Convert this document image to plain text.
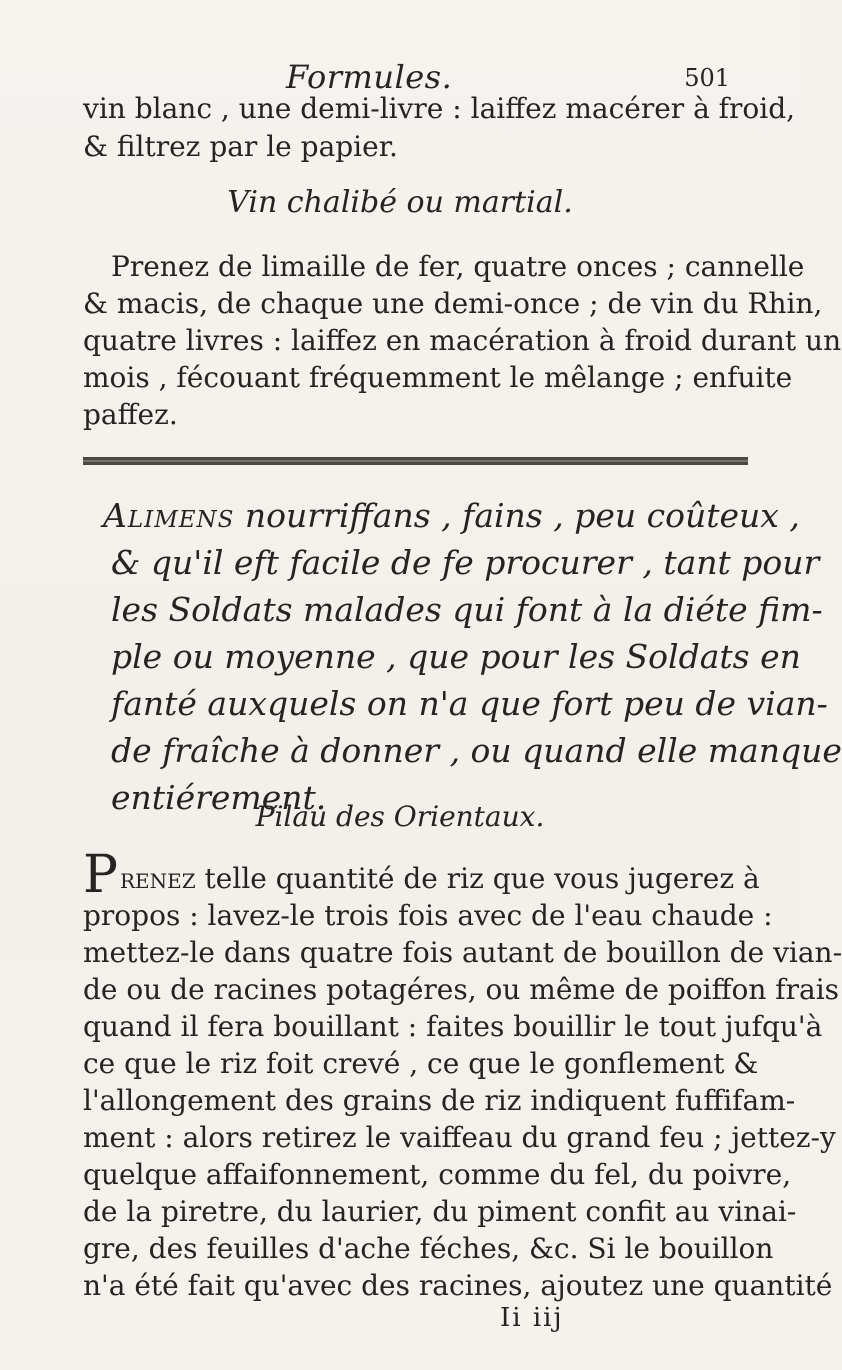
Formules.	501
vin blanc , une demi-livre : laiffez macérer à froid,
& filtrez par le papier.
Vin chalibé ou martial.
Prenez de limaille de fer, quatre onces ; cannelle
& macis, de chaque une demi-once ; de vin du Rhin,
quatre livres : laiffez en macération à froid durant un
mois , fécouant fréquemment le mêlange ; enfuite
paffez.
Alimens nourriffans , fains , peu coûteux ,
& qu'il eft facile de fe procurer , tant pour
les Soldats malades qui font à la diéte fim-
ple ou moyenne , que pour les Soldats en
fanté auxquels on n'a que fort peu de vian-
de fraîche à donner , ou quand elle manque
entiérement.
Pilau des Orientaux.
Prenez telle quantité de riz que vous jugerez à
propos : lavez-le trois fois avec de l'eau chaude :
mettez-le dans quatre fois autant de bouillon de vian-
de ou de racines potagéres, ou même de poiffon frais
quand il fera bouillant : faites bouillir le tout jufqu'à
ce que le riz foit crevé , ce que le gonflement &
l'allongement des grains de riz indiquent fuffifam-
ment : alors retirez le vaiffeau du grand feu ; jettez-y
quelque affaifonnement, comme du fel, du poivre,
de la piretre, du laurier, du piment confit au vinai-
gre, des feuilles d'ache féches, &c. Si le bouillon
n'a été fait qu'avec des racines, ajoutez une quantité
Ii iij
